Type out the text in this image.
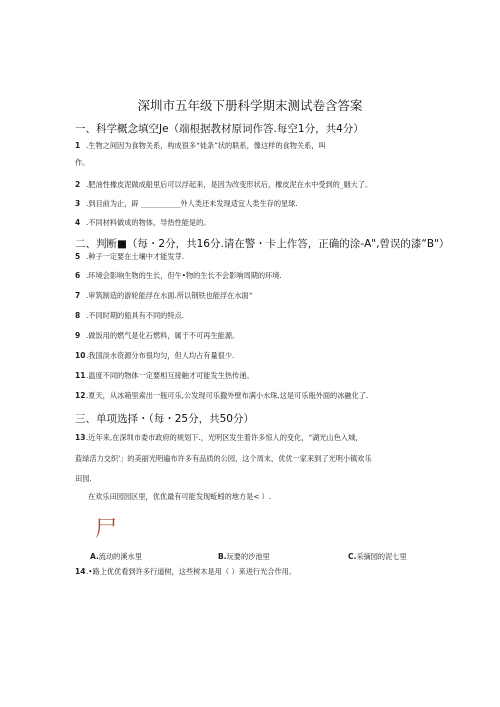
深圳市五年级下册科学期末测试卷含答案
一、科学概念填空Je（端根据教材原词作答.每空1分，共4分）
1 .生物之间因为食物关系，构成很多“徒条”状的联系，像这样的食物关系，叫
作。
2 .肥油性橡皮泥做成船里后可以浮起来，是因为改变形状后，橡皮泥在水中受到的_姻大了。
3 .到目前为止，辟 ___________外人类还未发现适宜人类生存的星球.
4 .不同材料做成的物体，导热性能是的。
二、判断■（每・2分，共16分.请在警・卡上作答，正确的涂-A",曾误的漆“B"）
5 .种子一定要在土壤中才能发芽.
6 .环境会影响生物的生长，但牛•物的生长不会影响周期的环境.
7 .审筑制造的游轮能浮在水面.所以钢铁也能浮在水面“
8 .不同时期的船具有不同的特点.
9 .做饭用的燃气是化石燃料，属于不可再生能源。
10.我国淡水资源分布很均匀，但人均占有量很少.
11.温度不同的物体一定要相互接触才可能发生热传递。
12.夏天，从冰箱里索出一瓶可乐,公发现可乐撒外壁布满小水珠,这是可乐瓶外面的冰融化了.
三、单项选择・（每・25分，共50分）
13.近年来,在深圳市委市政府的规划下.，光明区发生着许多惊人的变化，“湖光山色入城，
蓝绿活力交织'」的美丽光明遍布许多有品质的公园，这个周末，优优一家来到了光明小镇欢乐
田园.
在欢乐田园园区里，优优最有可能发现蚯蚓的地方是< ）.
尸
A.流动的溪水里	B.玩要的沙池里	C.采摘园的泥七里
14.•路上优优看到许多行道树，这些树木是用（ ）来进行光合作用。
